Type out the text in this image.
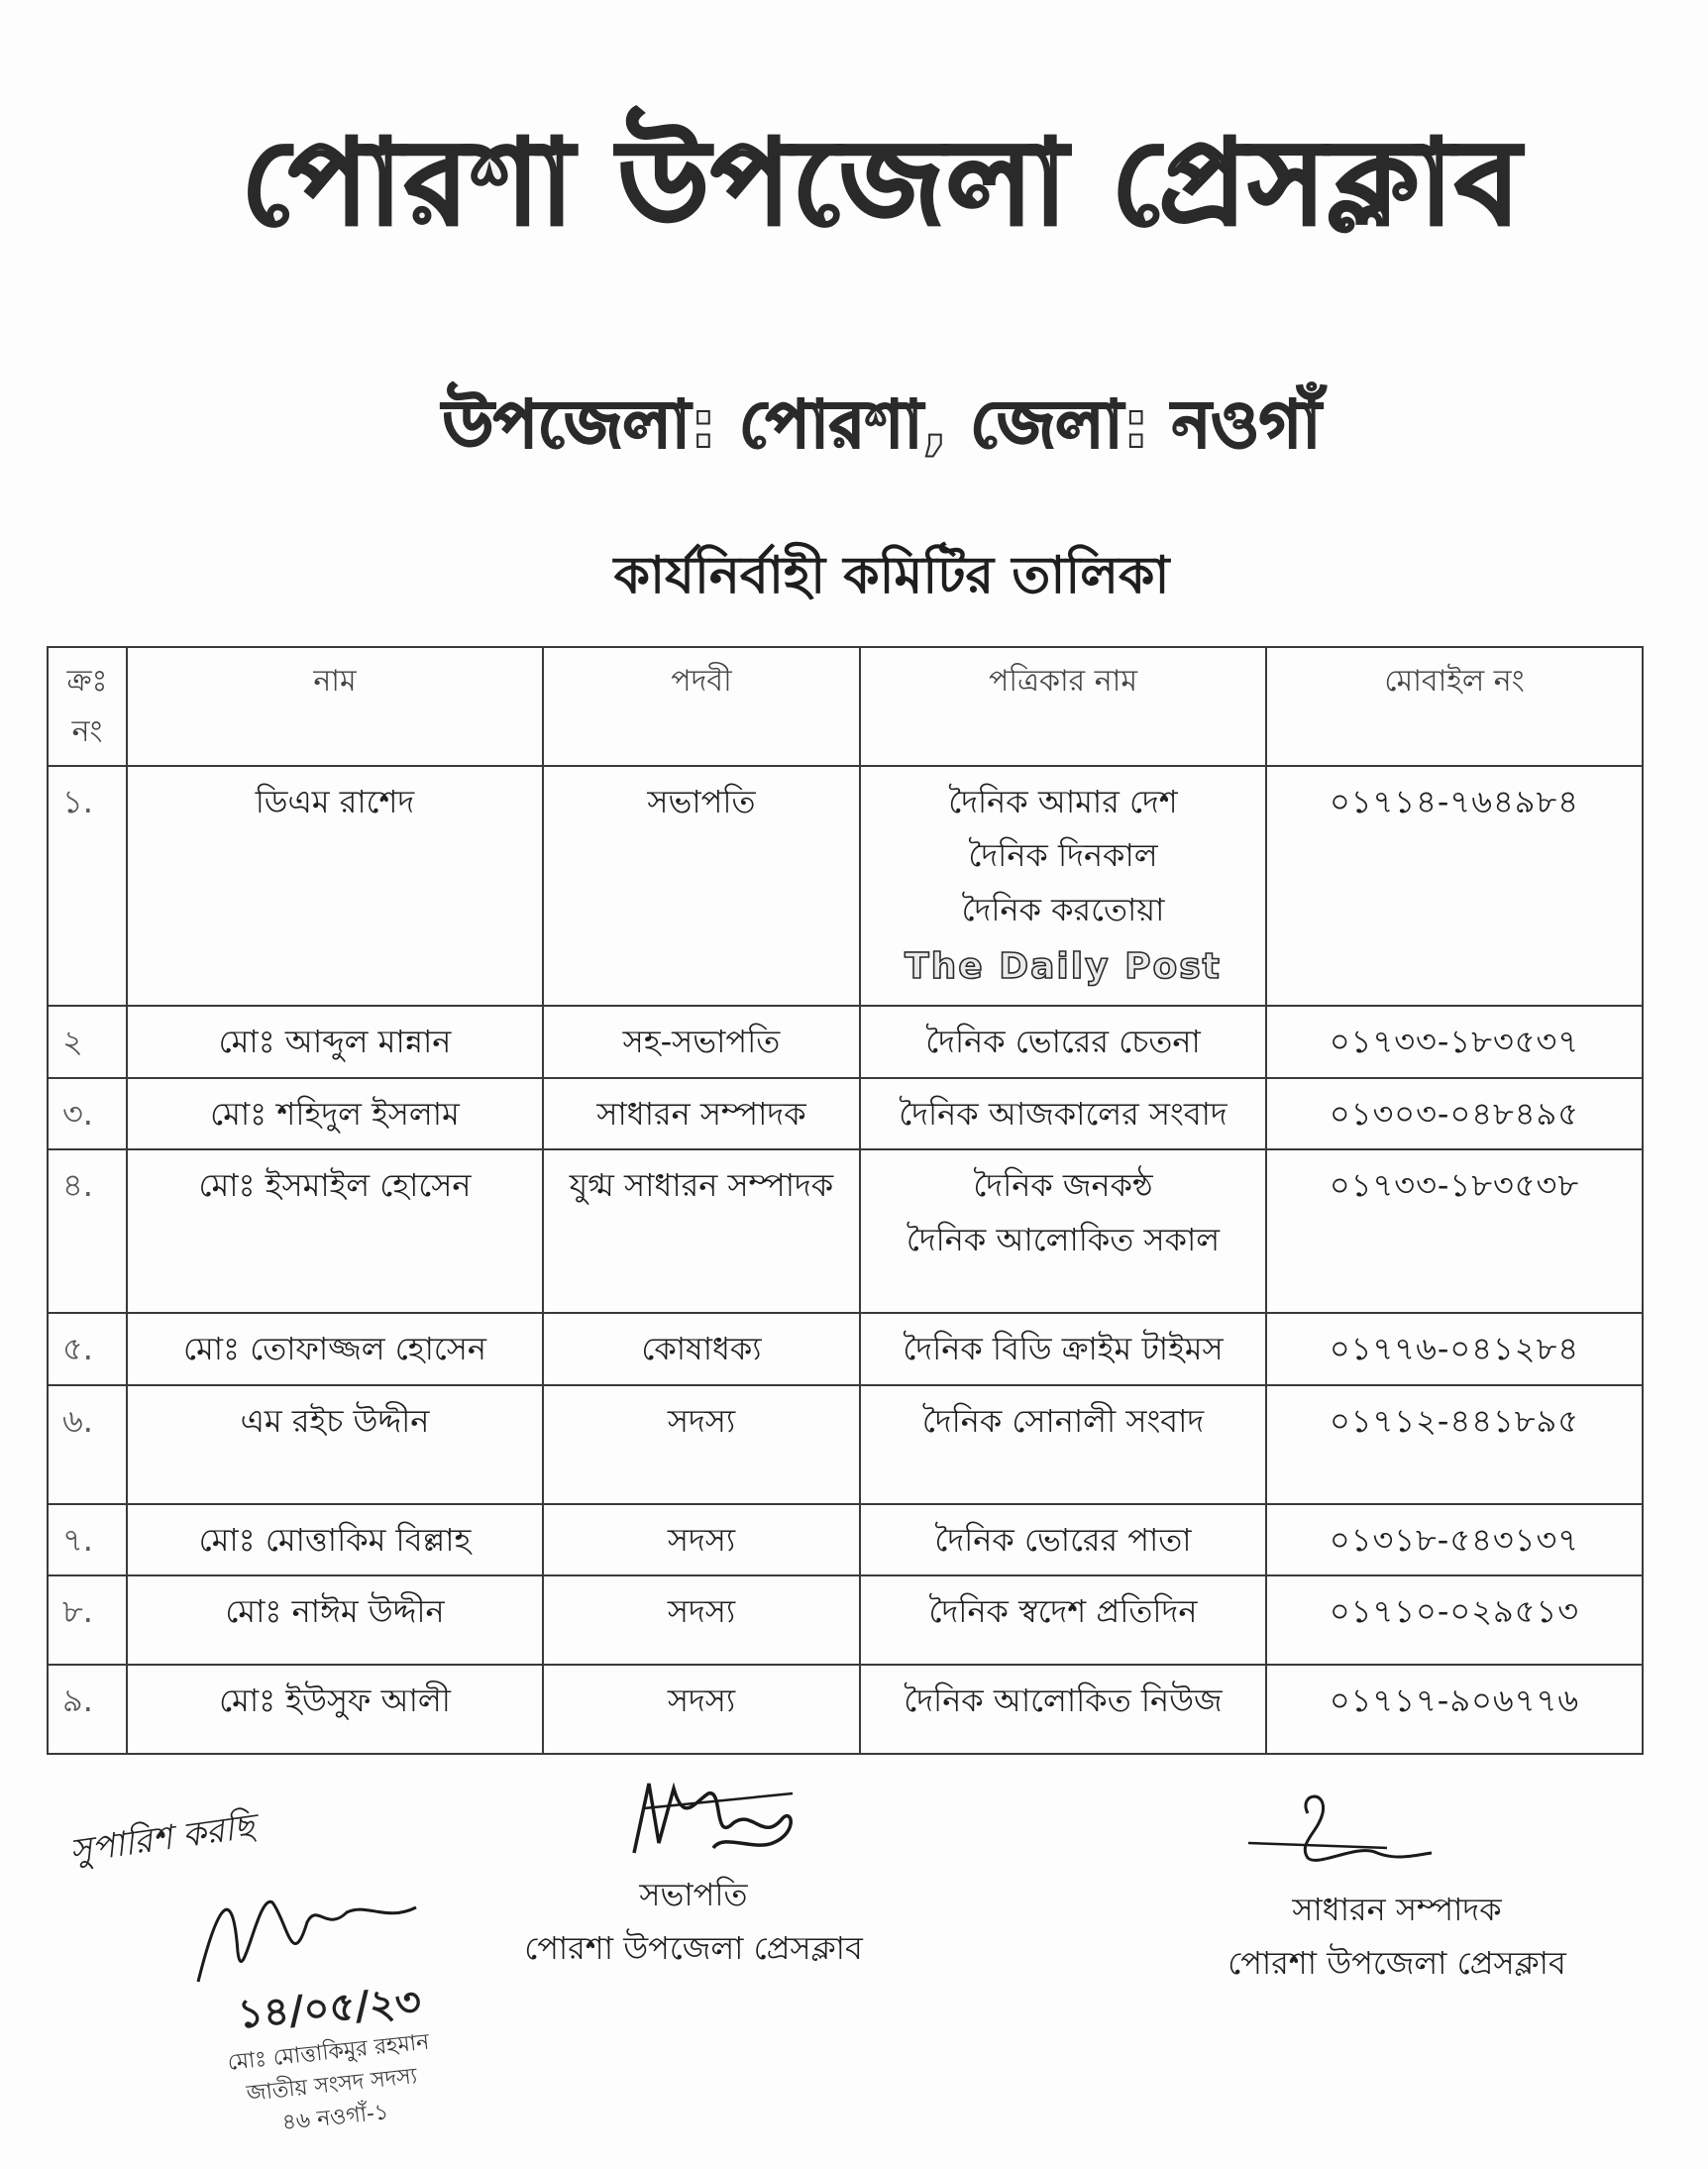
পোরশা উপজেলা প্রেসক্লাব
উপজেলা: পোরশা, জেলা: নওগাঁ
কার্যনির্বাহী কমিটির তালিকা
ক্রঃ নং	নাম	পদবী	পত্রিকার নাম	মোবাইল নং
১.	ডিএম রাশেদ	সভাপতি	দৈনিক আমার দেশ
দৈনিক দিনকাল
দৈনিক করতোয়া
The Daily Post	০১৭১৪-৭৬৪৯৮৪
২	মোঃ আব্দুল মান্নান	সহ-সভাপতি	দৈনিক ভোরের চেতনা	০১৭৩৩-১৮৩৫৩৭
৩.	মোঃ শহিদুল ইসলাম	সাধারন সম্পাদক	দৈনিক আজকালের সংবাদ	০১৩০৩-০৪৮৪৯৫
৪.	মোঃ ইসমাইল হোসেন	যুগ্ম সাধারন সম্পাদক	দৈনিক জনকন্ঠ
দৈনিক আলোকিত সকাল	০১৭৩৩-১৮৩৫৩৮
৫.	মোঃ তোফাজ্জল হোসেন	কোষাধক্য	দৈনিক বিডি ক্রাইম টাইমস	০১৭৭৬-০৪১২৮৪
৬.	এম রইচ উদ্দীন	সদস্য	দৈনিক সোনালী সংবাদ	০১৭১২-৪৪১৮৯৫
৭.	মোঃ মোত্তাকিম বিল্লাহ	সদস্য	দৈনিক ভোরের পাতা	০১৩১৮-৫৪৩১৩৭
৮.	মোঃ নাঈম উদ্দীন	সদস্য	দৈনিক স্বদেশ প্রতিদিন	০১৭১০-০২৯৫১৩
৯.	মোঃ ইউসুফ আলী	সদস্য	দৈনিক আলোকিত নিউজ	০১৭১৭-৯০৬৭৭৬
সুপারিশ করছি
১৪/০৫/২৩
মোঃ মোত্তাকিমুর রহমান
জাতীয় সংসদ সদস্য
৪৬ নওগাঁ-১
সভাপতি
পোরশা উপজেলা প্রেসক্লাব
সাধারন সম্পাদক
পোরশা উপজেলা প্রেসক্লাব
